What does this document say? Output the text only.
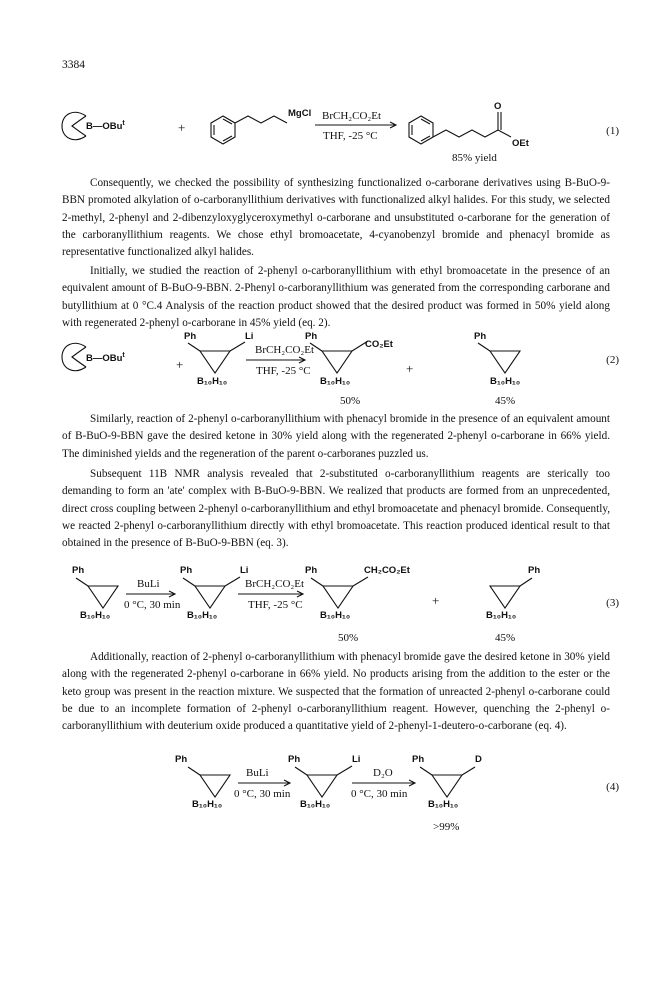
3384
B—OBu$^t$	+
MgCl BrCH₂CO₂Et
THF, -25 °C
O
OEt
(1)
85% yield

Consequently, we checked the possibility of synthesizing functionalized o-carborane derivatives using B-BuO-9-BBN promoted alkylation of o-carboranyllithium derivatives with functionalized alkyl halides. For this study, we selected 2-methyl, 2-phenyl and 2-dibenzyloxyglyceroxymethyl o-carborane and unsubstituted o-carborane for the generation of the carboranyllithium reagents. We chose ethyl bromoacetate, 4-cyanobenzyl bromide and phenacyl bromide as representative functionalized alkyl halides.

Initially, we studied the reaction of 2-phenyl o-carboranyllithium with ethyl bromoacetate in the presence of an equivalent amount of B-BuO-9-BBN. 2-Phenyl o-carboranyllithium was generated from the corresponding carborane and butyllithium at 0 °C.4 Analysis of the reaction product showed that the desired product was formed in 50% yield along with regenerated 2-phenyl o-carborane in 45% yield (eq. 2).

B—OBu$^t$
+
Ph	Li
B₁₀H₁₀
BrCH₂CO₂Et
THF, -25 °C
Ph
CO₂Et
B₁₀H₁₀
+
Ph
B₁₀H₁₀
(2)
50%	45%

Similarly, reaction of 2-phenyl o-carboranyllithium with phenacyl bromide in the presence of an equivalent amount of B-BuO-9-BBN gave the desired ketone in 30% yield along with the regenerated 2-phenyl o-carborane in 66% yield. The diminished yields and the regeneration of the parent o-carboranes puzzled us.

Subsequent 11B NMR analysis revealed that 2-substituted o-carboranyllithium reagents are sterically too demanding to form an 'ate' complex with B-BuO-9-BBN. We realized that products are formed from an unprecedented, direct cross coupling between 2-phenyl o-carboranyllithium and ethyl bromoacetate and phenacyl bromide. Consequently, we reacted 2-phenyl o-carboranyllithium directly with ethyl bromoacetate. This reaction produced identical result to that obtained in the presence of B-BuO-9-BBN (eq. 3).

Ph
B₁₀H₁₀
BuLi
0 °C, 30 min
Ph	Li
B₁₀H₁₀
BrCH₂CO₂Et
THF, -25 °C
Ph	CH₂CO₂Et
B₁₀H₁₀
+
Ph
B₁₀H₁₀
(3)
50%	45%

Additionally, reaction of 2-phenyl o-carboranyllithium with phenacyl bromide gave the desired ketone in 30% yield along with the regenerated 2-phenyl o-carborane in 66% yield. No products arising from the addition to the ester or the keto group was present in the reaction mixture. We suspected that the formation of unreacted 2-phenyl o-carborane could be due to an incomplete formation of 2-phenyl o-carboranyllithium reagent. However, quenching the 2-phenyl o-carboranyllithium with deuterium oxide produced a quantitative yield of 2-phenyl-1-deutero-o-carborane (eq. 4).

Ph
B₁₀H₁₀
BuLi
0 °C, 30 min
Ph	Li
B₁₀H₁₀
D₂O
0 °C, 30 min
Ph	D
B₁₀H₁₀
(4)
>99%
